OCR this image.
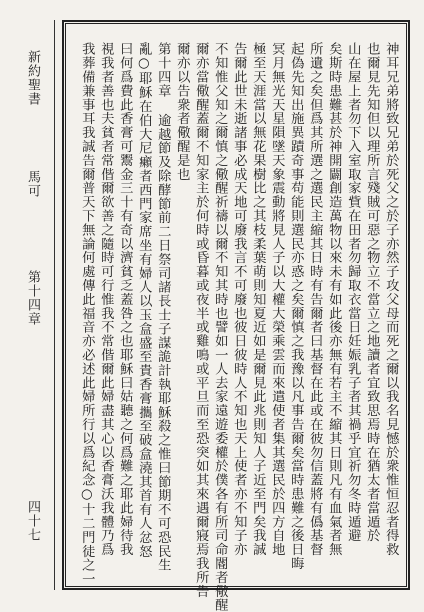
新約聖書
馬可
第十四章
四十七	神耳兄弟將致兄弟於死父之於子亦然子攻父母而死之爾以我名見憾於衆惟恒忍者得救
也爾見先知但以理所言殘賊可惡之物立不當立之地讀者宜致思焉時在猶太者當遁於
山在屋上者勿下入室取家貲在田者勿歸取衣當日妊娠乳子者其禍乎宜祈勿冬時遁避
矣斯時患難甚於神開闢創造萬物以來未有如此後亦無有若主不縮其日則凡有血氣者無
所遺之矣但爲其所選之選民主縮其日時有告爾者曰基督在此或在彼勿信蓋將有僞基督
起偽先知出施異蹟奇事苟能則選民亦惑之矣爾慎之我豫以凡事告爾矣當時患難之後日晦
冥月無光天星隕墜天象震動將見人子以大權大榮乘雲而來遣使者集其選民於四方自地
極至天涯當以無花果樹比之其枝柔葉萌則知夏近如是爾見此兆則知人子近至門矣我誠
告爾此世未逝諸事必成天地可廢我言不可廢也彼日彼時人不知也天上使者亦不知子亦
不知惟父知之爾慎之儆醒祈禱以爾不知其時也譬如一人去家遠遊委權於僕各有所司命閽者儆醒
爾亦當儆醒蓋爾不知家主於何時或昏暮或夜半或雞鳴或平旦而至恐突如其來遇爾寢焉我所告
爾亦以告衆者儆醒是也
第十四章 逾越節及除酵節前二日祭司諸長士子謀詭計執耶穌殺之惟曰節期不可恐民生
亂○耶穌在伯大尼癩者西門家席坐有婦人以玉盒盛至貴香膏攜至破盒澆其首有人忿怒
曰何爲費此香膏可鬻金三十有奇以濟貧乏蓋咎之也耶穌曰姑聽之何爲難之耶此婦待我
視我者善也夫貧者常偕爾欲善之隨時可行惟我不常偕爾此婦盡其心以香膏沃我體乃爲
我葬備兼事耳我誠告爾普天下無論何處傳此福音亦必述此婦所行以爲紀念○十二門徒之一
